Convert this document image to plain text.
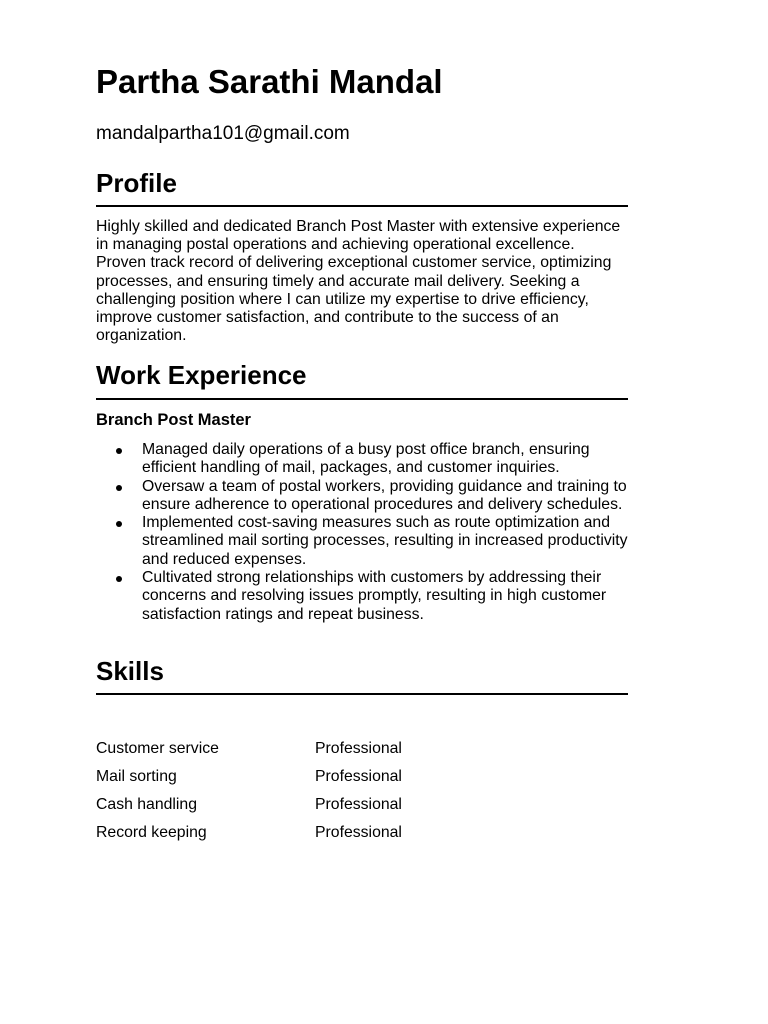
Partha Sarathi Mandal
mandalpartha101@gmail.com
Profile

Highly skilled and dedicated Branch Post Master with extensive experience in managing postal operations and achieving operational excellence. Proven track record of delivering exceptional customer service, optimizing processes, and ensuring timely and accurate mail delivery. Seeking a challenging position where I can utilize my expertise to drive efficiency, improve customer satisfaction, and contribute to the success of an organization.

Work Experience
Branch Post Master
Managed daily operations of a busy post office branch, ensuring efficient handling of mail, packages, and customer inquiries.
Oversaw a team of postal workers, providing guidance and training to ensure adherence to operational procedures and delivery schedules.
Implemented cost-saving measures such as route optimization and streamlined mail sorting processes, resulting in increased productivity and reduced expenses.
Cultivated strong relationships with customers by addressing their concerns and resolving issues promptly, resulting in high customer satisfaction ratings and repeat business.
Skills
Customer service	Professional
Mail sorting	Professional
Cash handling	Professional
Record keeping	Professional
